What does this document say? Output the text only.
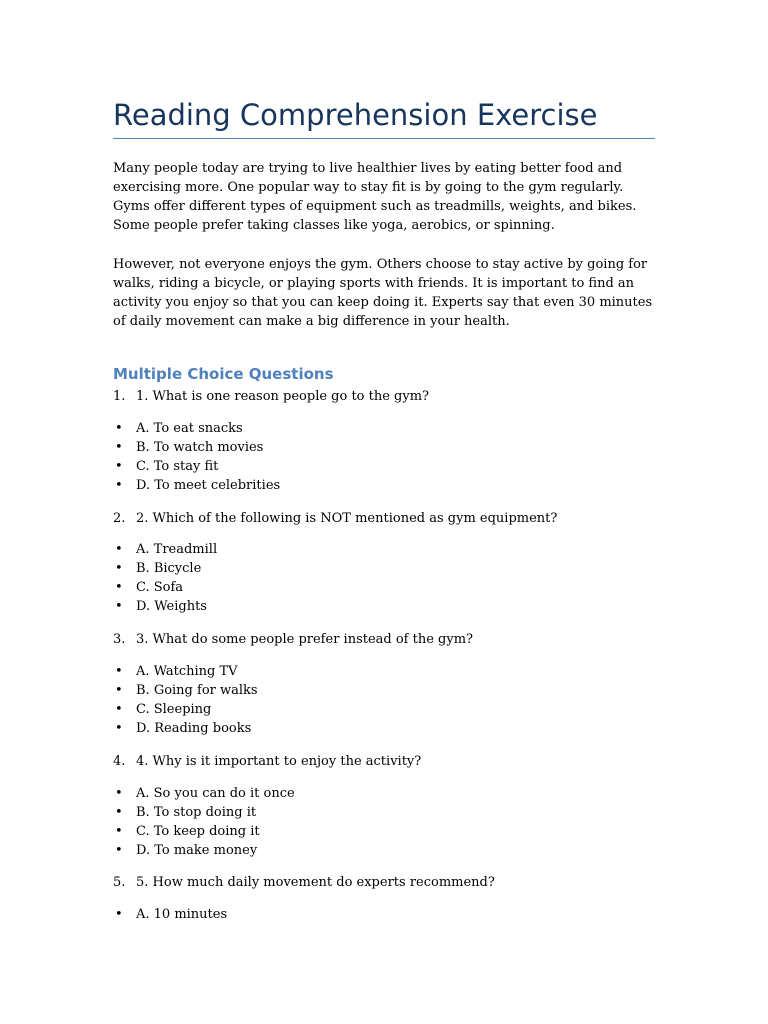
Reading Comprehension Exercise

Many people today are trying to live healthier lives by eating better food and exercising more. One popular way to stay fit is by going to the gym regularly. Gyms offer different types of equipment such as treadmills, weights, and bikes. Some people prefer taking classes like yoga, aerobics, or spinning.

However, not everyone enjoys the gym. Others choose to stay active by going for walks, riding a bicycle, or playing sports with friends. It is important to find an activity you enjoy so that you can keep doing it. Experts say that even 30 minutes of daily movement can make a big difference in your health.

Multiple Choice Questions
1. 1. What is one reason people go to the gym?
• A. To eat snacks
• B. To watch movies
• C. To stay fit
• D. To meet celebrities
2. 2. Which of the following is NOT mentioned as gym equipment?
• A. Treadmill
• B. Bicycle
• C. Sofa
• D. Weights
3. 3. What do some people prefer instead of the gym?
• A. Watching TV
• B. Going for walks
• C. Sleeping
• D. Reading books
4. 4. Why is it important to enjoy the activity?
• A. So you can do it once
• B. To stop doing it
• C. To keep doing it
• D. To make money
5. 5. How much daily movement do experts recommend?
• A. 10 minutes
